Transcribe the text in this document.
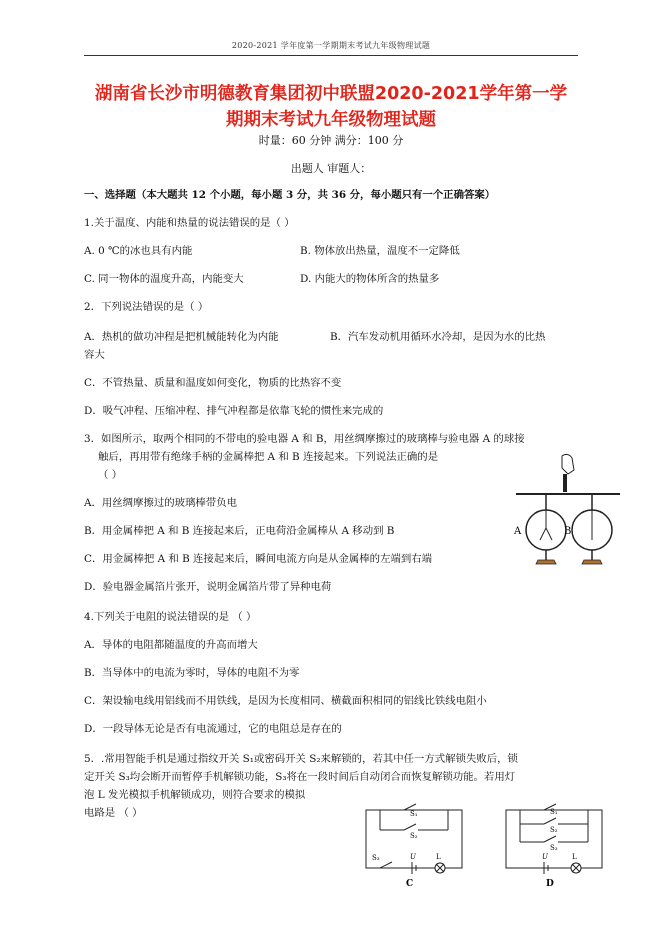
2020-2021 学年度第一学期期末考试九年级物理试题
湖南省长沙市明德教育集团初中联盟2020-2021学年第一学
期期末考试九年级物理试题
时量：60 分钟 满分：100 分
出题人 审题人：
一、选择题（本大题共 12 个小题，每小题 3 分，共 36 分，每小题只有一个正确答案）
1.关于温度、内能和热量的说法错误的是（ ）
A. 0 ℃的冰也具有内能	B. 物体放出热量，温度不一定降低
C. 同一物体的温度升高，内能变大	D. 内能大的物体所含的热量多
2．下列说法错误的是（ ）
A．热机的做功冲程是把机械能转化为内能	B．汽车发动机用循环水冷却，是因为水的比热
容大
C．不管热量、质量和温度如何变化，物质的比热容不变
D．吸气冲程、压缩冲程、排气冲程都是依靠飞轮的惯性来完成的
3．如图所示，取两个相同的不带电的验电器 A 和 B，用丝绸摩擦过的玻璃棒与验电器 A 的球接
触后，再用带有绝缘手柄的金属棒把 A 和 B 连接起来。下列说法正确的是
（ ）
A．用丝绸摩擦过的玻璃棒带负电
B．用金属棒把 A 和 B 连接起来后，正电荷沿金属棒从 A 移动到 B
C．用金属棒把 A 和 B 连接起来后，瞬间电流方向是从金属棒的左端到右端
D．验电器金属箔片张开，说明金属箔片带了异种电荷
A	B
4.下列关于电阻的说法错误的是 （ ）
A．导体的电阻都随温度的升高而增大
B．当导体中的电流为零时，导体的电阻不为零
C．架设输电线用铝线而不用铁线，是因为长度相同、横截面积相同的铝线比铁线电阻小
D．一段导体无论是否有电流通过，它的电阻总是存在的
5．.常用智能手机是通过指纹开关 S₁或密码开关 S₂来解锁的，若其中任一方式解锁失败后，锁
定开关 S₃均会断开而暂停手机解锁功能，S₃将在一段时间后自动闭合而恢复解锁功能。若用灯
泡 L 发光模拟手机解锁成功，则符合要求的模拟
电路是 （ ）	S₁
S₂
S₃	U	L
C
S₁
S₂
S₃
U	L
D
